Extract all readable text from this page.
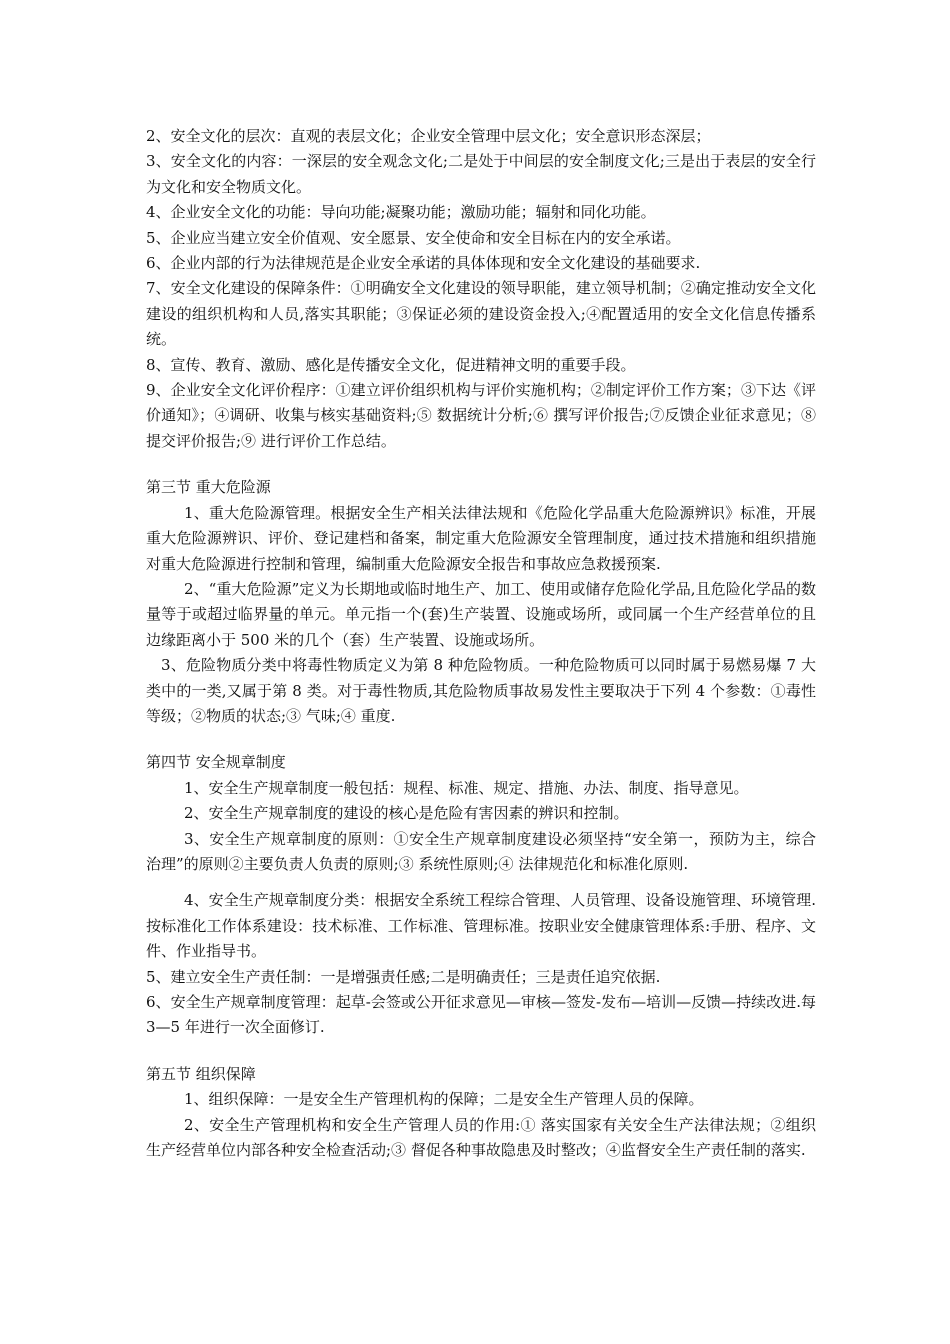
2、安全文化的层次：直观的表层文化；企业安全管理中层文化；安全意识形态深层；

3、安全文化的内容：一深层的安全观念文化;二是处于中间层的安全制度文化;三是出于表层的安全行为文化和安全物质文化。

4、企业安全文化的功能：导向功能;凝聚功能；激励功能；辐射和同化功能。

5、企业应当建立安全价值观、安全愿景、安全使命和安全目标在内的安全承诺。

6、企业内部的行为法律规范是企业安全承诺的具体体现和安全文化建设的基础要求.

7、安全文化建设的保障条件：①明确安全文化建设的领导职能，建立领导机制；②确定推动安全文化建设的组织机构和人员,落实其职能；③保证必须的建设资金投入;④配置适用的安全文化信息传播系统。

8、宣传、教育、激励、感化是传播安全文化，促进精神文明的重要手段。

9、企业安全文化评价程序：①建立评价组织机构与评价实施机构；②制定评价工作方案；③下达《评价通知》；④调研、收集与核实基础资料;⑤ 数据统计分析;⑥ 撰写评价报告;⑦反馈企业征求意见；⑧提交评价报告;⑨ 进行评价工作总结。

第三节 重大危险源

1、重大危险源管理。根据安全生产相关法律法规和《危险化学品重大危险源辨识》标准，开展重大危险源辨识、评价、登记建档和备案，制定重大危险源安全管理制度，通过技术措施和组织措施对重大危险源进行控制和管理，编制重大危险源安全报告和事故应急救援预案.

2、“重大危险源”定义为长期地或临时地生产、加工、使用或储存危险化学品,且危险化学品的数量等于或超过临界量的单元。单元指一个(套)生产装置、设施或场所，或同属一个生产经营单位的且边缘距离小于 500 米的几个（套）生产装置、设施或场所。

3、危险物质分类中将毒性物质定义为第 8 种危险物质。一种危险物质可以同时属于易燃易爆 7 大类中的一类,又属于第 8 类。对于毒性物质,其危险物质事故易发性主要取决于下列 4 个参数：①毒性等级；②物质的状态;③ 气味;④ 重度.

第四节 安全规章制度

1、安全生产规章制度一般包括：规程、标准、规定、措施、办法、制度、指导意见。

2、安全生产规章制度的建设的核心是危险有害因素的辨识和控制。

3、安全生产规章制度的原则：①安全生产规章制度建设必须坚持“安全第一，预防为主，综合治理”的原则②主要负责人负责的原则;③ 系统性原则;④ 法律规范化和标准化原则.

4、安全生产规章制度分类：根据安全系统工程综合管理、人员管理、设备设施管理、环境管理.按标准化工作体系建设：技术标准、工作标准、管理标准。按职业安全健康管理体系:手册、程序、文件、作业指导书。

5、建立安全生产责任制：一是增强责任感;二是明确责任；三是责任追究依据.

6、安全生产规章制度管理：起草-会签或公开征求意见—审核—签发-发布—培训—反馈—持续改进.每 3—5 年进行一次全面修订.

第五节 组织保障

1、组织保障：一是安全生产管理机构的保障；二是安全生产管理人员的保障。

2、安全生产管理机构和安全生产管理人员的作用:① 落实国家有关安全生产法律法规；②组织生产经营单位内部各种安全检查活动;③ 督促各种事故隐患及时整改；④监督安全生产责任制的落实.
